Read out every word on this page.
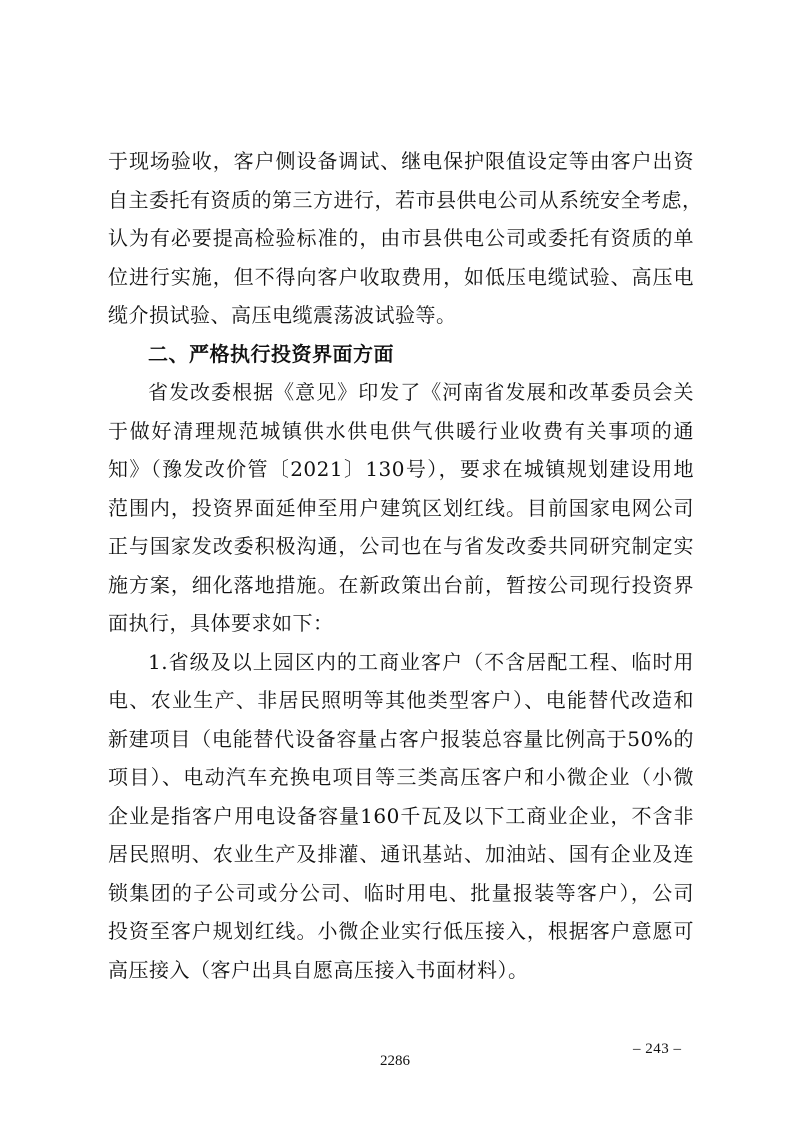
于现场验收，客户侧设备调试、继电保护限值设定等由客户出资
自主委托有资质的第三方进行，若市县供电公司从系统安全考虑，
认为有必要提高检验标准的，由市县供电公司或委托有资质的单
位进行实施，但不得向客户收取费用，如低压电缆试验、高压电
缆介损试验、高压电缆震荡波试验等。
二、严格执行投资界面方面
省发改委根据《意见》印发了《河南省发展和改革委员会关
于做好清理规范城镇供水供电供气供暖行业收费有关事项的通
知》（豫发改价管〔2021〕130号），要求在城镇规划建设用地
范围内，投资界面延伸至用户建筑区划红线。目前国家电网公司
正与国家发改委积极沟通，公司也在与省发改委共同研究制定实
施方案，细化落地措施。在新政策出台前，暂按公司现行投资界
面执行，具体要求如下：
1.省级及以上园区内的工商业客户（不含居配工程、临时用
电、农业生产、非居民照明等其他类型客户）、电能替代改造和
新建项目（电能替代设备容量占客户报装总容量比例高于50%的
项目）、电动汽车充换电项目等三类高压客户和小微企业（小微
企业是指客户用电设备容量160千瓦及以下工商业企业，不含非
居民照明、农业生产及排灌、通讯基站、加油站、国有企业及连
锁集团的子公司或分公司、临时用电、批量报装等客户），公司
投资至客户规划红线。小微企业实行低压接入，根据客户意愿可
高压接入（客户出具自愿高压接入书面材料）。
– 243 –
2286
